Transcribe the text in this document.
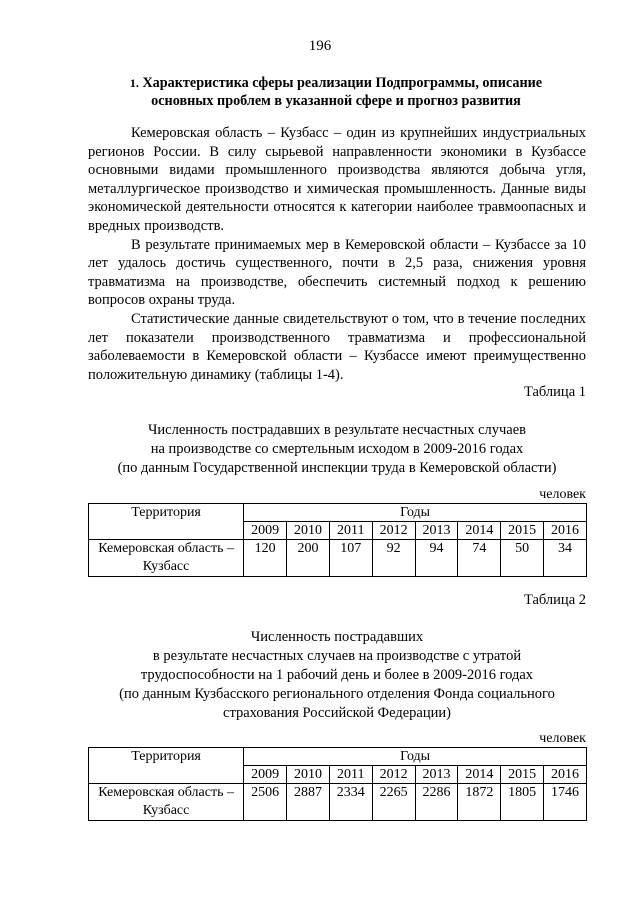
196
1. Характеристика сферы реализации Подпрограммы, описание
основных проблем в указанной сфере и прогноз развития

Кемеровская область – Кузбасс – один из крупнейших индустриальных регионов России. В силу сырьевой направленности экономики в Кузбассе основными видами промышленного производства являются добыча угля, металлургическое производство и химическая промышленность. Данные виды экономической деятельности относятся к категории наиболее травмоопасных и вредных производств.

В результате принимаемых мер в Кемеровской области – Кузбассе за 10 лет удалось достичь существенного, почти в 2,5 раза, снижения уровня травматизма на производстве, обеспечить системный подход к решению вопросов охраны труда.

Статистические данные свидетельствуют о том, что в течение последних лет показатели производственного травматизма и профессиональной заболеваемости в Кемеровской области – Кузбассе имеют преимущественно положительную динамику (таблицы 1-4).

Таблица 1
Численность пострадавших в результате несчастных случаев
на производстве со смертельным исходом в 2009-2016 годах
(по данным Государственной инспекции труда в Кемеровской области)
человек
Территория	Годы							
	2009	2010	2011	2012	2013	2014	2015	2016

Кемеровская область –
Кузбасс	120	200	107	92	94	74	50	34
Таблица 2
Численность пострадавших
в результате несчастных случаев на производстве с утратой
трудоспособности на 1 рабочий день и более в 2009-2016 годах
(по данным Кузбасского регионального отделения Фонда социального
страхования Российской Федерации)
человек
Территория	Годы							
	2009	2010	2011	2012	2013	2014	2015	2016

Кемеровская область –
Кузбасс	2506	2887	2334	2265	2286	1872	1805	1746
